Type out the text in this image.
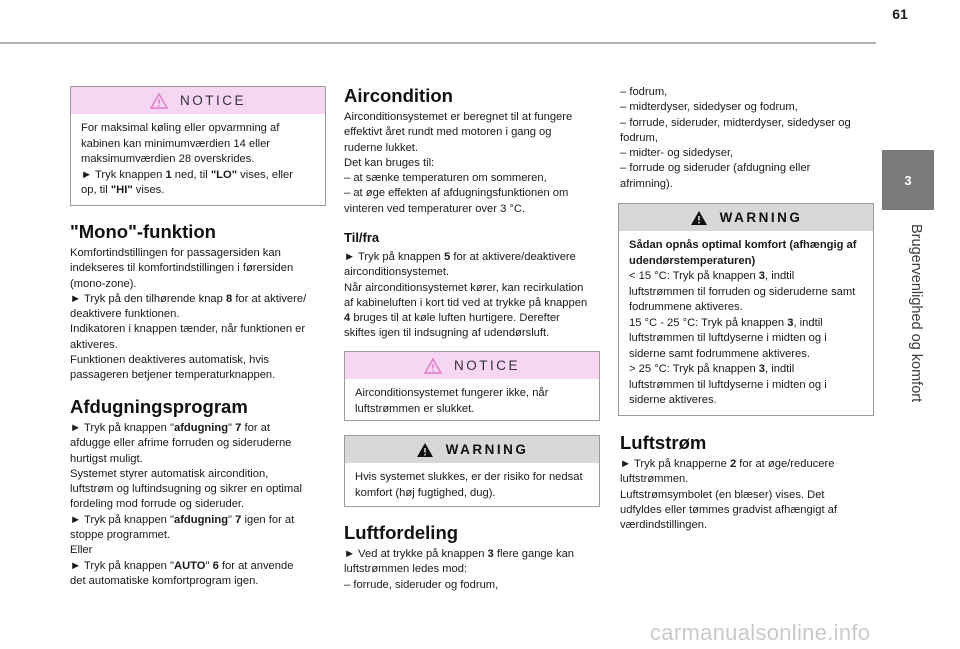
61
3
Brugervenlighed og komfort
NOTICE
For maksimal køling eller opvarmning af
kabinen kan minimumværdien 14 eller
maksimumværdien 28 overskrides.
► Tryk knappen 1 ned, til "LO" vises, eller
op, til "HI" vises.
"Mono"-funktion
Komfortindstillingen for passagersiden kan
indekseres til komfortindstillingen i førersiden
(mono-zone).
► Tryk på den tilhørende knap 8 for at aktivere/
deaktivere funktionen.
Indikatoren i knappen tænder, når funktionen er
aktiveres.
Funktionen deaktiveres automatisk, hvis
passageren betjener temperaturknappen.
Afdugningsprogram
► Tryk på knappen "afdugning" 7 for at
afdugge eller afrime forruden og sideruderne
hurtigst muligt.
Systemet styrer automatisk aircondition,
luftstrøm og luftindsugning og sikrer en optimal
fordeling mod forrude og sideruder.
► Tryk på knappen "afdugning" 7 igen for at
stoppe programmet.
Eller
► Tryk på knappen "AUTO" 6 for at anvende
det automatiske komfortprogram igen.
Aircondition
Airconditionsystemet er beregnet til at fungere
effektivt året rundt med motoren i gang og
ruderne lukket.
Det kan bruges til:
– at sænke temperaturen om sommeren,
– at øge effekten af afdugningsfunktionen om
vinteren ved temperaturer over 3 °C.
Til/fra
► Tryk på knappen 5 for at aktivere/deaktivere
airconditionsystemet.
Når airconditionsystemet kører, kan recirkulation
af kabineluften i kort tid ved at trykke på knappen
4 bruges til at køle luften hurtigere. Derefter
skiftes igen til indsugning af udendørsluft.
NOTICE
Airconditionsystemet fungerer ikke, når
luftstrømmen er slukket.
WARNING
Hvis systemet slukkes, er der risiko for nedsat
komfort (høj fugtighed, dug).
Luftfordeling
► Ved at trykke på knappen 3 flere gange kan
luftstrømmen ledes mod:
– forrude, sideruder og fodrum,
– fodrum,
– midterdyser, sidedyser og fodrum,
– forrude, sideruder, midterdyser, sidedyser og
fodrum,
– midter- og sidedyser,
– forrude og sideruder (afdugning eller
afrimning).
WARNING
Sådan opnås optimal komfort (afhængig af
udendørstemperaturen)
< 15 °C: Tryk på knappen 3, indtil
luftstrømmen til forruden og sideruderne samt
fodrummene aktiveres.
15 °C - 25 °C: Tryk på knappen 3, indtil
luftstrømmen til luftdyserne i midten og i
siderne samt fodrummene aktiveres.
> 25 °C: Tryk på knappen 3, indtil
luftstrømmen til luftdyserne i midten og i
siderne aktiveres.
Luftstrøm
► Tryk på knapperne 2 for at øge/reducere
luftstrømmen.
Luftstrømsymbolet (en blæser) vises. Det
udfyldes eller tømmes gradvist afhængigt af
værdindstillingen.
carmanualsonline.info
